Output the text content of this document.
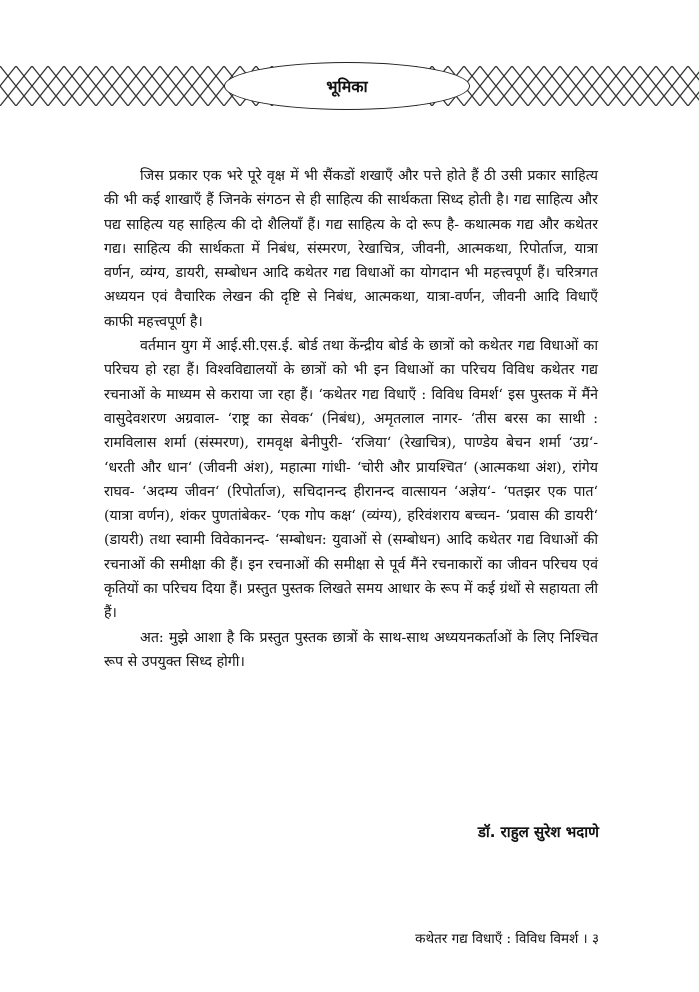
भूमिका

जिस प्रकार एक भरे पूरे वृक्ष में भी सैंकडों शखाएँ और पत्ते होते हैं ठी उसी प्रकार साहित्य की भी कई शाखाएँ हैं जिनके संगठन से ही साहित्य की सार्थकता सिध्द होती है। गद्य साहित्य और पद्य साहित्य यह साहित्य की दो शैलियाँ हैं। गद्य साहित्य के दो रूप है- कथात्मक गद्य और कथेतर गद्य। साहित्य की सार्थकता में निबंध, संस्मरण, रेखाचित्र, जीवनी, आत्मकथा, रिपोर्ताज, यात्रा वर्णन, व्यंग्य, डायरी, सम्बोधन आदि कथेतर गद्य विधाओं का योगदान भी महत्त्वपूर्ण हैं। चरित्रगत अध्ययन एवं वैचारिक लेखन की दृष्टि से निबंध, आत्मकथा, यात्रा-वर्णन, जीवनी आदि विधाएँ काफी महत्त्वपूर्ण है।

वर्तमान युग में आई.सी.एस.ई. बोर्ड तथा केंन्द्रीय बोर्ड के छात्रों को कथेतर गद्य विधाओं का परिचय हो रहा हैं। विश्वविद्यालयों के छात्रों को भी इन विधाओं का परिचय विविध कथेतर गद्य रचनाओं के माध्यम से कराया जा रहा हैं। ‘कथेतर गद्य विधाएँ : विविध विमर्श‘ इस पुस्तक में मैंने वासुदेवशरण अग्रवाल- ‘राष्ट्र का सेवक‘ (निबंध), अमृतलाल नागर- ‘तीस बरस का साथी : रामविलास शर्मा (संस्मरण), रामवृक्ष बेनीपुरी- ‘रजिया‘ (रेखाचित्र), पाण्डेय बेचन शर्मा ‘उग्र‘- ‘धरती और धान‘ (जीवनी अंश), महात्मा गांधी- ‘चोरी और प्रायश्चित‘ (आत्मकथा अंश), रांगेय राघव- ‘अदम्य जीवन‘ (रिपोर्ताज), सचिदानन्द हीरानन्द वात्सायन ‘अज्ञेय‘- ‘पतझर एक पात‘ (यात्रा वर्णन), शंकर पुणतांबेकर- ‘एक गोप कक्ष‘ (व्यंग्य), हरिवंशराय बच्चन- ‘प्रवास की डायरी‘ (डायरी) तथा स्वामी विवेकानन्द- ‘सम्बोधन: युवाओं से (सम्बोधन) आदि कथेतर गद्य विधाओं की रचनाओं की समीक्षा की हैं। इन रचनाओं की समीक्षा से पूर्व मैंने रचनाकारों का जीवन परिचय एवं कृतियों का परिचय दिया हैं। प्रस्तुत पुस्तक लिखते समय आधार के रूप में कई ग्रंथों से सहायता ली हैं।

अत: मुझे आशा है कि प्रस्तुत पुस्तक छात्रों के साथ-साथ अध्ययनकर्ताओं के लिए निश्चित रूप से उपयुक्त सिध्द होगी।

डॉ. राहुल सुरेश भदाणे
कथेतर गद्य विधाएँ : विविध विमर्श । ३
